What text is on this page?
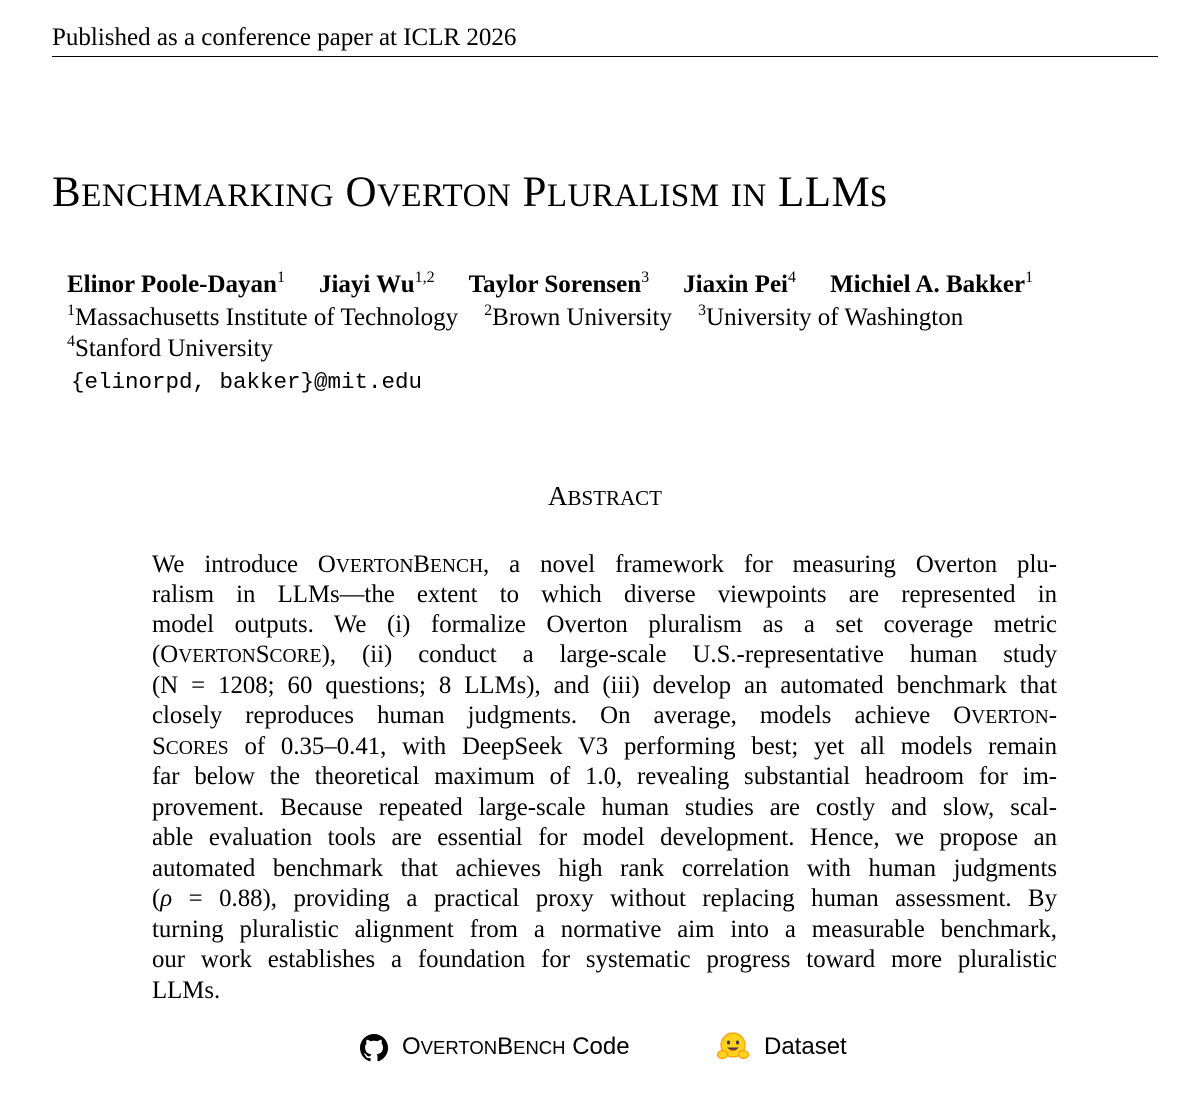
Published as a conference paper at ICLR 2026
BENCHMARKING OVERTON PLURALISM IN LLMs
Elinor Poole-Dayan$^1$ Jiayi Wu$^{1,2}$ Taylor Sorensen$^3$ Jiaxin Pei$^4$ Michiel A. Bakker$^1$
$^1$Massachusetts Institute of Technology $^2$Brown University $^3$University of Washington
$^4$Stanford University
{elinorpd, bakker}@mit.edu
ABSTRACT
We introduce OVERTONBENCH, a novel framework for measuring Overton plu-
ralism in LLMs—the extent to which diverse viewpoints are represented in
model outputs. We (i) formalize Overton pluralism as a set coverage metric
(OVERTONSCORE), (ii) conduct a large-scale U.S.-representative human study
(N = 1208; 60 questions; 8 LLMs), and (iii) develop an automated benchmark that
closely reproduces human judgments. On average, models achieve OVERTON-
SCORES of 0.35–0.41, with DeepSeek V3 performing best; yet all models remain
far below the theoretical maximum of 1.0, revealing substantial headroom for im-
provement. Because repeated large-scale human studies are costly and slow, scal-
able evaluation tools are essential for model development. Hence, we propose an
automated benchmark that achieves high rank correlation with human judgments
(ρ = 0.88), providing a practical proxy without replacing human assessment. By
turning pluralistic alignment from a normative aim into a measurable benchmark,
our work establishes a foundation for systematic progress toward more pluralistic
LLMs.
OVERTONBENCH Code	Dataset
